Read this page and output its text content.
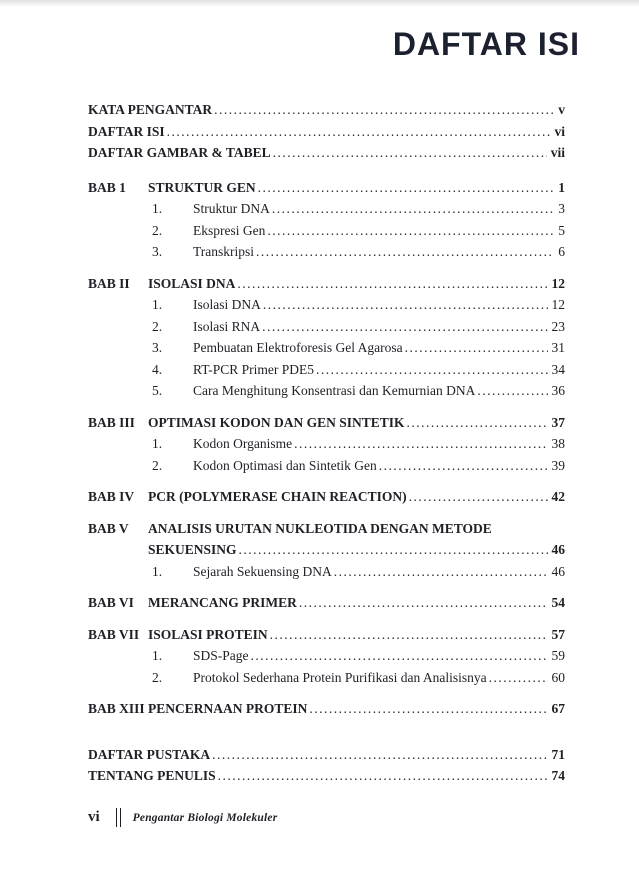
DAFTAR ISI
KATA PENGANTAR .....	v
DAFTAR ISI .....	vi
DAFTAR GAMBAR & TABEL .....	vii
BAB 1	STRUKTUR GEN .....	1
1.	Struktur DNA .....	3
2.	Ekspresi Gen .....	5
3.	Transkripsi .....	6
BAB II	ISOLASI DNA .....	12
1.	Isolasi DNA .....	12
2.	Isolasi RNA .....	23
3.	Pembuatan Elektroforesis Gel Agarosa .....	31
4.	RT-PCR Primer PDE5 .....	34
5.	Cara Menghitung Konsentrasi dan Kemurnian DNA .....	36
BAB III OPTIMASI KODON DAN GEN SINTETIK .....	37
1.	Kodon Organisme .....	38
2.	Kodon Optimasi dan Sintetik Gen .....	39
BAB IV	PCR (POLYMERASE CHAIN REACTION) .....	42
BAB V	ANALISIS URUTAN NUKLEOTIDA DENGAN METODE
SEKUENSING .....	46
1.	Sejarah Sekuensing DNA .....	46
BAB VI	MERANCANG PRIMER .....	54
BAB VII ISOLASI PROTEIN .....	57
1.	SDS-Page .....	59
2.	Protokol Sederhana Protein Purifikasi dan Analisisnya .....	60
BAB XIII PENCERNAAN PROTEIN .....	67
DAFTAR PUSTAKA .....	71
TENTANG PENULIS .....	74
vi	Pengantar Biologi Molekuler
